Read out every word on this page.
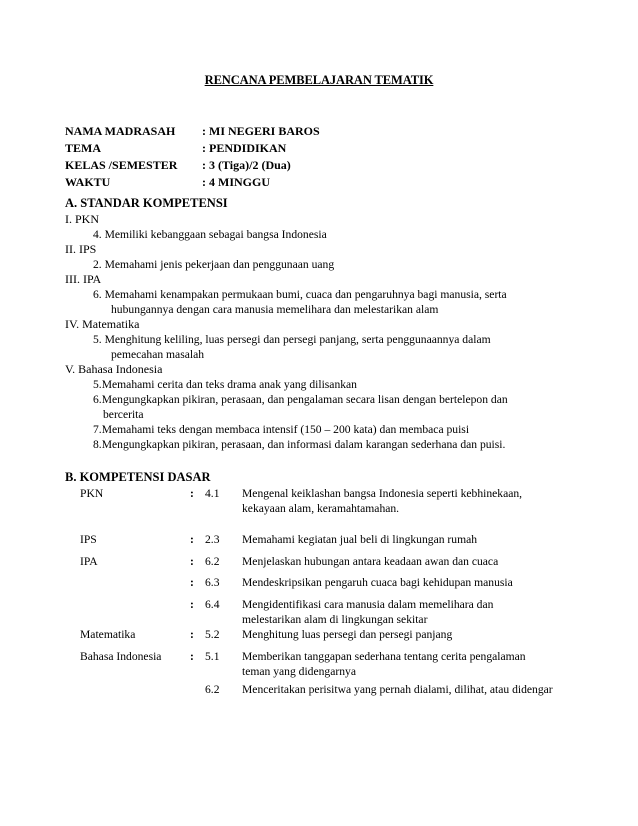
RENCANA PEMBELAJARAN TEMATIK
NAMA MADRASAH : MI NEGERI BAROS
TEMA	: PENDIDIKAN
KELAS /SEMESTER : 3 (Tiga)/2 (Dua)
WAKTU	: 4 MINGGU
A. STANDAR KOMPETENSI
I. PKN
4. Memiliki kebanggaan sebagai bangsa Indonesia
II. IPS
2. Memahami jenis pekerjaan dan penggunaan uang
III. IPA
6. Memahami kenampakan permukaan bumi, cuaca dan pengaruhnya bagi manusia, serta
hubungannya dengan cara manusia memelihara dan melestarikan alam
IV. Matematika
5. Menghitung keliling, luas persegi dan persegi panjang, serta penggunaannya dalam
pemecahan masalah
V. Bahasa Indonesia
5.Memahami cerita dan teks drama anak yang dilisankan
6.Mengungkapkan pikiran, perasaan, dan pengalaman secara lisan dengan bertelepon dan
bercerita
7.Memahami teks dengan membaca intensif (150 – 200 kata) dan membaca puisi
8.Mengungkapkan pikiran, perasaan, dan informasi dalam karangan sederhana dan puisi.
B. KOMPETENSI DASAR
PKN	: 4.1 Mengenal keiklashan bangsa Indonesia seperti kebhinekaan, kekayaan alam, keramahtamahan.
IPS	: 2.3 Memahami kegiatan jual beli di lingkungan rumah
IPA	: 6.2 Menjelaskan hubungan antara keadaan awan dan cuaca
: 6.3 Mendeskripsikan pengaruh cuaca bagi kehidupan manusia
: 6.4 Mengidentifikasi cara manusia dalam memelihara dan melestarikan alam di lingkungan sekitar
Matematika	: 5.2 Menghitung luas persegi dan persegi panjang
Bahasa Indonesia : 5.1 Memberikan tanggapan sederhana tentang cerita pengalaman teman yang didengarnya
6.2 Menceritakan perisitwa yang pernah dialami, dilihat, atau didengar
